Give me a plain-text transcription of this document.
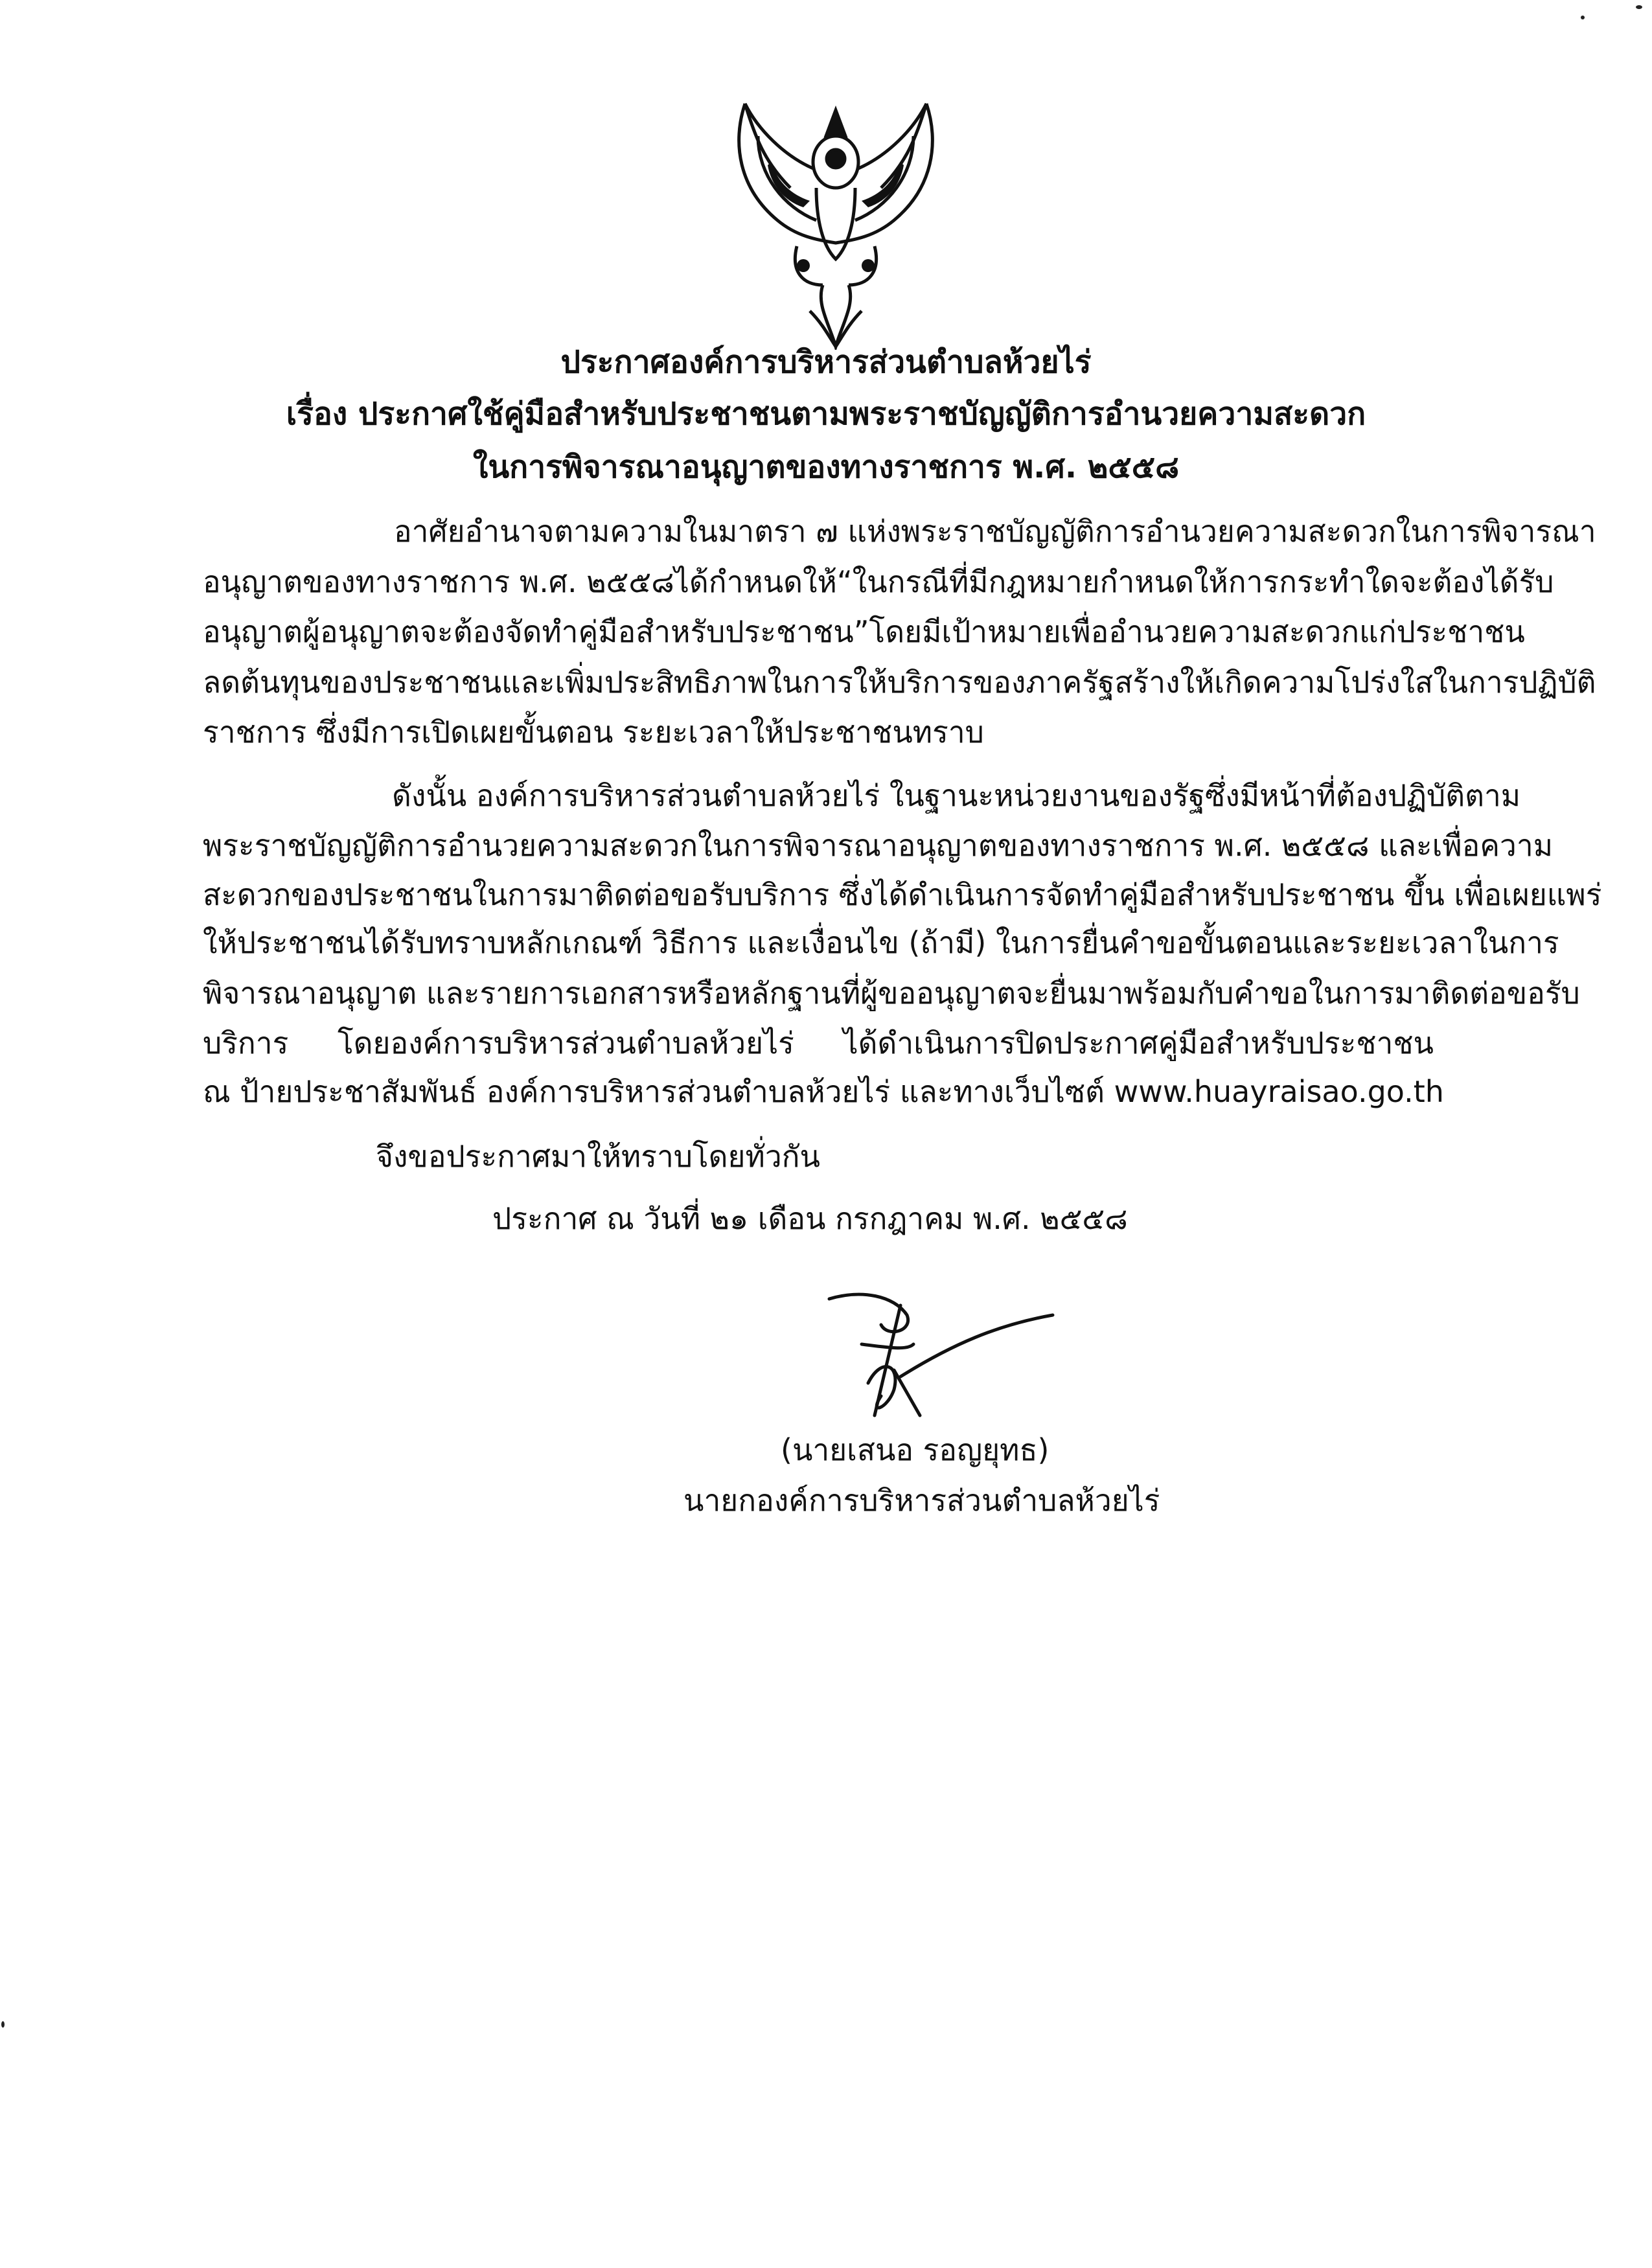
ประกาศองค์การบริหารส่วนตำบลห้วยไร่
เรื่อง ประกาศใช้คู่มือสำหรับประชาชนตามพระราชบัญญัติการอำนวยความสะดวก
ในการพิจารณาอนุญาตของทางราชการ พ.ศ. ๒๕๕๘
อาศัยอำนาจตามความในมาตรา ๗ แห่งพระราชบัญญัติการอำนวยความสะดวกในการพิจารณา
อนุญาตของทางราชการ พ.ศ. ๒๕๕๘ ได้กำหนดให้ “ในกรณีที่มีกฎหมายกำหนดให้การกระทำใดจะต้องได้รับ
อนุญาต ผู้อนุญาตจะต้องจัดทำคู่มือสำหรับประชาชน” โดยมีเป้าหมายเพื่ออำนวยความสะดวกแก่ประชาชน
ลดต้นทุนของประชาชนและเพิ่มประสิทธิภาพในการให้บริการของภาครัฐ สร้างให้เกิดความโปร่งใสในการปฏิบัติ
ราชการ ซึ่งมีการเปิดเผยขั้นตอน ระยะเวลาให้ประชาชนทราบ
ดังนั้น องค์การบริหารส่วนตำบลห้วยไร่ ในฐานะหน่วยงานของรัฐซึ่งมีหน้าที่ต้องปฏิบัติตาม
พระราชบัญญัติการอำนวยความสะดวกในการพิจารณาอนุญาตของทางราชการ พ.ศ. ๒๕๕๘ และเพื่อความ
สะดวกของประชาชนในการมาติดต่อขอรับบริการ ซึ่งได้ดำเนินการจัดทำคู่มือสำหรับประชาชน ขึ้น เพื่อเผยแพร่
ให้ประชาชนได้รับทราบหลักเกณฑ์ วิธีการ และเงื่อนไข (ถ้ามี) ในการยื่นคำขอขั้นตอนและระยะเวลาในการ
พิจารณาอนุญาต และรายการเอกสารหรือหลักฐานที่ผู้ขออนุญาตจะยื่นมาพร้อมกับคำขอในการมาติดต่อขอรับ
บริการ โดยองค์การบริหารส่วนตำบลห้วยไร่ ได้ดำเนินการปิดประกาศคู่มือสำหรับประชาชน
ณ ป้ายประชาสัมพันธ์ องค์การบริหารส่วนตำบลห้วยไร่ และทางเว็บไซต์ www.huayraisao.go.th
จึงขอประกาศมาให้ทราบโดยทั่วกัน
ประกาศ ณ วันที่ ๒๑ เดือน กรกฎาคม พ.ศ. ๒๕๕๘
(นายเสนอ รอญยุทธ)
นายกองค์การบริหารส่วนตำบลห้วยไร่
